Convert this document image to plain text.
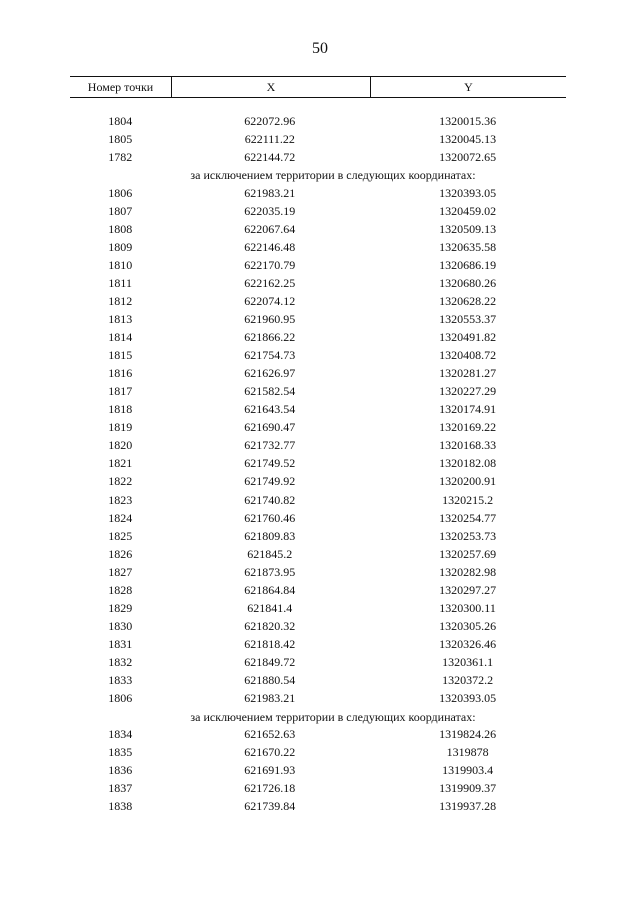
50
Номер точки	X	Y
1804	622072.96	1320015.36
1805	622111.22	1320045.13
1782	622144.72	1320072.65
за исключением территории в следующих координатах:
1806	621983.21	1320393.05
1807	622035.19	1320459.02
1808	622067.64	1320509.13
1809	622146.48	1320635.58
1810	622170.79	1320686.19
1811	622162.25	1320680.26
1812	622074.12	1320628.22
1813	621960.95	1320553.37
1814	621866.22	1320491.82
1815	621754.73	1320408.72
1816	621626.97	1320281.27
1817	621582.54	1320227.29
1818	621643.54	1320174.91
1819	621690.47	1320169.22
1820	621732.77	1320168.33
1821	621749.52	1320182.08
1822	621749.92	1320200.91
1823	621740.82	1320215.2
1824	621760.46	1320254.77
1825	621809.83	1320253.73
1826	621845.2	1320257.69
1827	621873.95	1320282.98
1828	621864.84	1320297.27
1829	621841.4	1320300.11
1830	621820.32	1320305.26
1831	621818.42	1320326.46
1832	621849.72	1320361.1
1833	621880.54	1320372.2
1806	621983.21	1320393.05
за исключением территории в следующих координатах:
1834	621652.63	1319824.26
1835	621670.22	1319878
1836	621691.93	1319903.4
1837	621726.18	1319909.37
1838	621739.84	1319937.28
